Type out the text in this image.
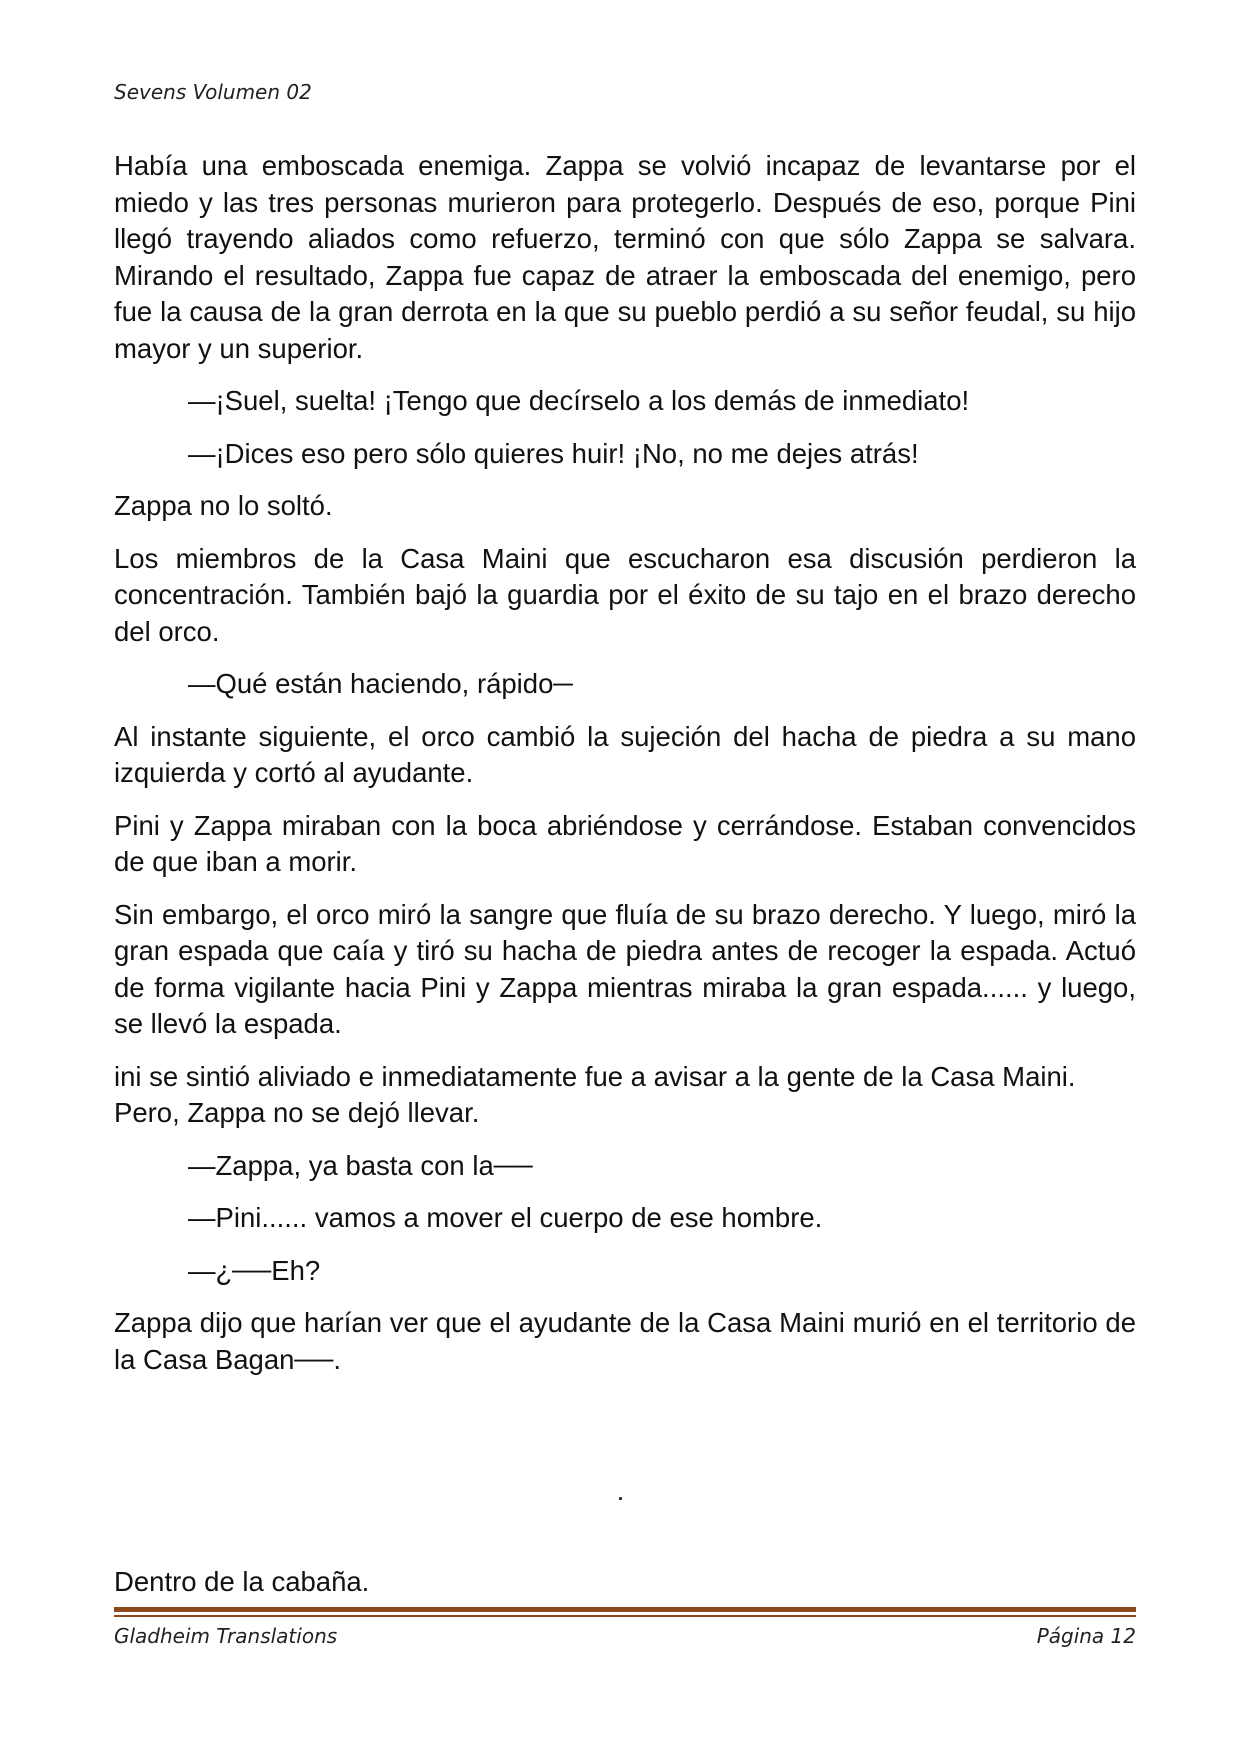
Sevens Volumen 02

Había una emboscada enemiga. Zappa se volvió incapaz de levantarse por el miedo y las tres personas murieron para protegerlo. Después de eso, porque Pini llegó trayendo aliados como refuerzo, terminó con que sólo Zappa se salvara. Mirando el resultado, Zappa fue capaz de atraer la emboscada del enemigo, pero fue la causa de la gran derrota en la que su pueblo perdió a su señor feudal, su hijo mayor y un superior.

—¡Suel, suelta! ¡Tengo que decírselo a los demás de inmediato!

—¡Dices eso pero sólo quieres huir! ¡No, no me dejes atrás!

Zappa no lo soltó.

Los miembros de la Casa Maini que escucharon esa discusión perdieron la concentración. También bajó la guardia por el éxito de su tajo en el brazo derecho del orco.

—Qué están haciendo, rápido─

Al instante siguiente, el orco cambió la sujeción del hacha de piedra a su mano izquierda y cortó al ayudante.

Pini y Zappa miraban con la boca abriéndose y cerrándose. Estaban convencidos de que iban a morir.

Sin embargo, el orco miró la sangre que fluía de su brazo derecho. Y luego, miró la gran espada que caía y tiró su hacha de piedra antes de recoger la espada. Actuó de forma vigilante hacia Pini y Zappa mientras miraba la gran espada...... y luego, se llevó la espada.

ini se sintió aliviado e inmediatamente fue a avisar a la gente de la Casa Maini. Pero, Zappa no se dejó llevar.

—Zappa, ya basta con la──

—Pini...... vamos a mover el cuerpo de ese hombre.

—¿──Eh?

Zappa dijo que harían ver que el ayudante de la Casa Maini murió en el territorio de la Casa Bagan──.

.
Dentro de la cabaña.
Gladheim Translations	Página 12
